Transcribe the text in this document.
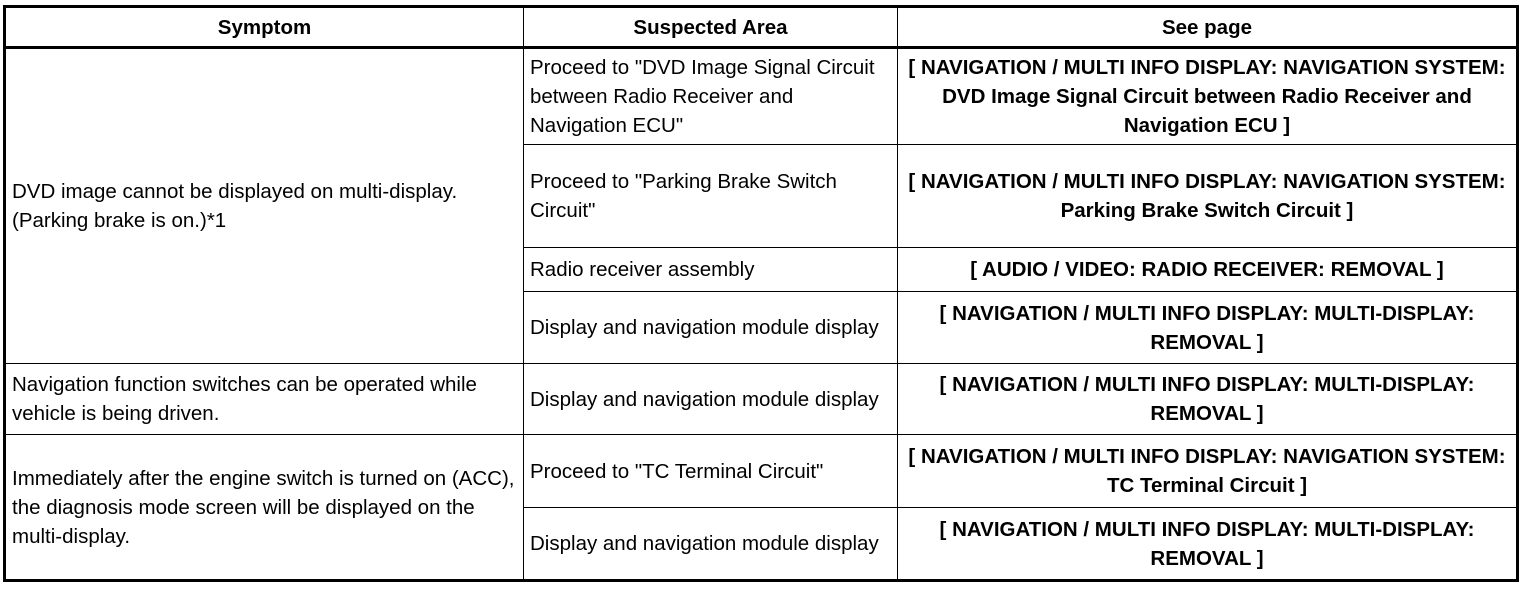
Symptom	Suspected Area	See page
DVD image cannot be displayed on multi-display. (Parking brake is on.)*1	Proceed to "DVD Image Signal Circuit between Radio Receiver and Navigation ECU"	[ NAVIGATION / MULTI INFO DISPLAY: NAVIGATION SYSTEM: DVD Image Signal Circuit between Radio Receiver and Navigation ECU ]
	Proceed to "Parking Brake Switch Circuit"	[ NAVIGATION / MULTI INFO DISPLAY: NAVIGATION SYSTEM: Parking Brake Switch Circuit ]
	Radio receiver assembly	[ AUDIO / VIDEO: RADIO RECEIVER: REMOVAL ]
	Display and navigation module display	[ NAVIGATION / MULTI INFO DISPLAY: MULTI-DISPLAY: REMOVAL ]
Navigation function switches can be operated while vehicle is being driven.	Display and navigation module display	[ NAVIGATION / MULTI INFO DISPLAY: MULTI-DISPLAY: REMOVAL ]
Immediately after the engine switch is turned on (ACC), the diagnosis mode screen will be displayed on the multi-display.	Proceed to "TC Terminal Circuit"	[ NAVIGATION / MULTI INFO DISPLAY: NAVIGATION SYSTEM: TC Terminal Circuit ]
	Display and navigation module display	[ NAVIGATION / MULTI INFO DISPLAY: MULTI-DISPLAY: REMOVAL ]
